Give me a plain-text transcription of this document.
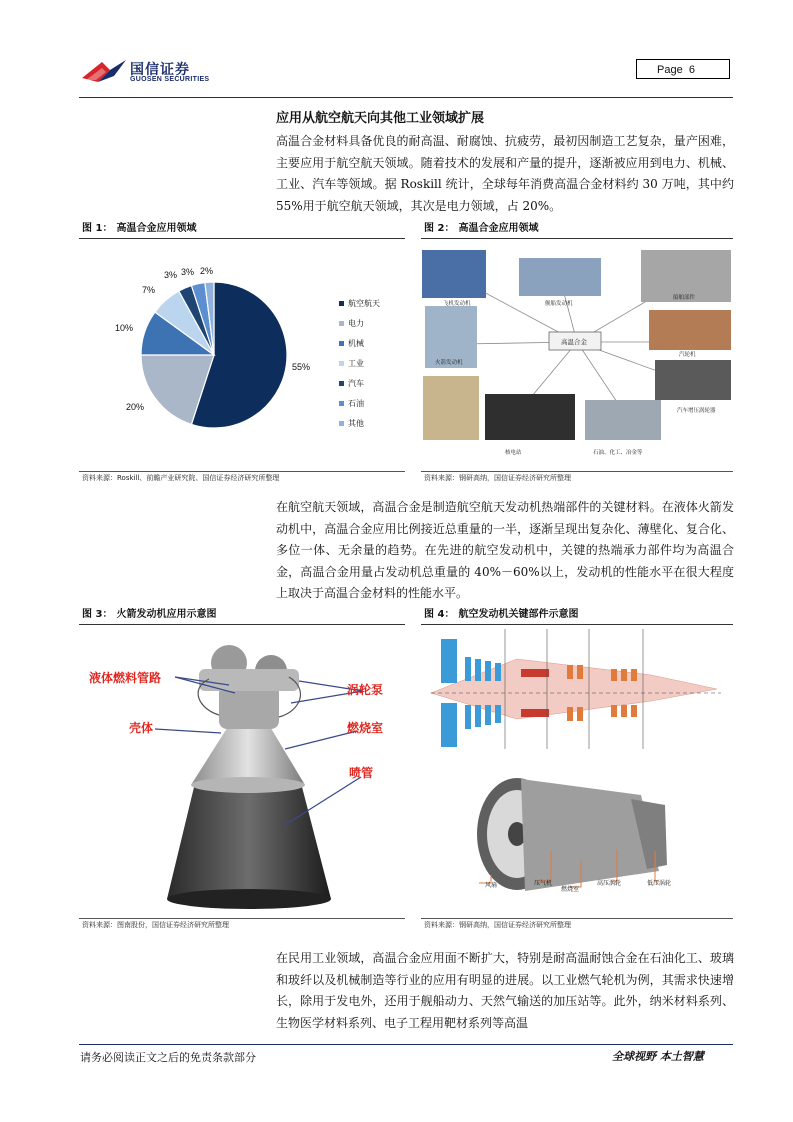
国信证券
GUOSEN SECURITIES
Page 6
应用从航空航天向其他工业领域扩展
高温合金材料具备优良的耐高温、耐腐蚀、抗疲劳，最初因制造工艺复杂，量产困难，主要应用于航空航天领域。随着技术的发展和产量的提升，逐渐被应用到电力、机械、工业、汽车等领域。据 Roskill 统计，全球每年消费高温合金材料约 30 万吨，其中约 55%用于航空航天领域，其次是电力领域，占 20%。
图 1： 高温合金应用领域
55%
20%
10%
7%
3% 3% 2%
航空航天
电力
机械
工业
汽车
石油
其他
资料来源：Roskill、前瞻产业研究院、国信证券经济研究所整理
图 2： 高温合金应用领域
高温合金
飞机发动机	舰船发动机
船舶部件
火箭发动机
汽轮机
汽车增压涡轮器
核电站	石油、化工、冶金等
资料来源：钢研高纳，国信证券经济研究所整理
在航空航天领域，高温合金是制造航空航天发动机热端部件的关键材料。在液体火箭发动机中，高温合金应用比例接近总重量的一半，逐渐呈现出复杂化、薄壁化、复合化、多位一体、无余量的趋势。在先进的航空发动机中，关键的热端承力部件均为高温合金，高温合金用量占发动机总重量的 40%－60%以上，发动机的性能水平在很大程度上取决于高温合金材料的性能水平。
图 3： 火箭发动机应用示意图
液体燃料管路
涡轮泵
壳体	燃烧室
喷管
资料来源：图南股份，国信证券经济研究所整理
图 4： 航空发动机关键部件示意图
风扇	压气机
燃烧室
高压涡轮	低压涡轮
资料来源：钢研高纳，国信证券经济研究所整理
在民用工业领域，高温合金应用面不断扩大，特别是耐高温耐蚀合金在石油化工、玻璃和玻纤以及机械制造等行业的应用有明显的进展。以工业燃气轮机为例，其需求快速增长，除用于发电外，还用于舰船动力、天然气输送的加压站等。此外，纳米材料系列、生物医学材料系列、电子工程用靶材系列等高温
请务必阅读正文之后的免责条款部分	全球视野 本土智慧
